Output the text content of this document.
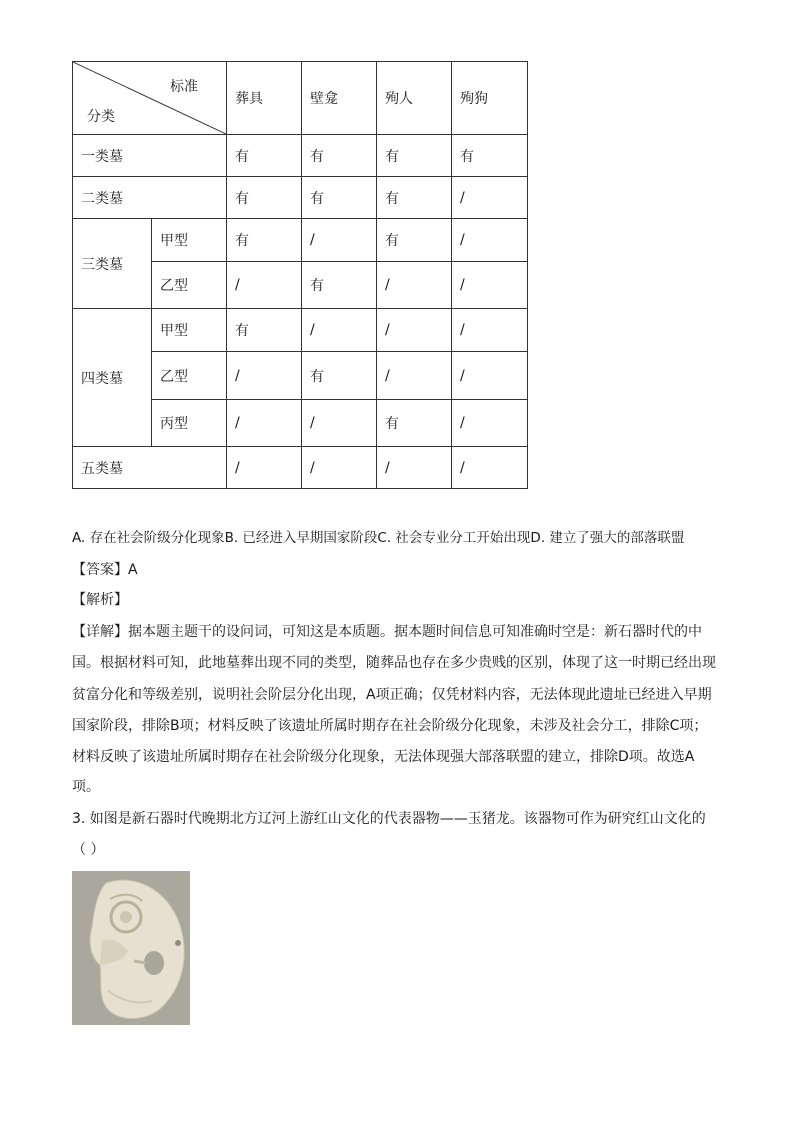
标准
分类		葬具	壁龛	殉人	殉狗
一类墓		有	有	有	有
二类墓		有	有	有	/
三类墓	甲型	有	/	有	/
	乙型	/	有	/	/
四类墓	甲型	有	/	/	/
	乙型	/	有	/	/
	丙型	/	/	有	/
五类墓		/	/	/	/
A. 存在社会阶级分化现象B. 已经进入早期国家阶段C. 社会专业分工开始出现D. 建立了强大的部落联盟
【答案】A
【解析】
【详解】据本题主题干的设问词，可知这是本质题。据本题时间信息可知准确时空是：新石器时代的中
国。根据材料可知，此地墓葬出现不同的类型，随葬品也存在多少贵贱的区别，体现了这一时期已经出现
贫富分化和等级差别，说明社会阶层分化出现，A项正确；仅凭材料内容，无法体现此遗址已经进入早期
国家阶段，排除B项；材料反映了该遗址所属时期存在社会阶级分化现象，未涉及社会分工，排除C项；
材料反映了该遗址所属时期存在社会阶级分化现象，无法体现强大部落联盟的建立，排除D项。故选A
项。
3. 如图是新石器时代晚期北方辽河上游红山文化的代表器物——玉猪龙。该器物可作为研究红山文化的
（ ）
